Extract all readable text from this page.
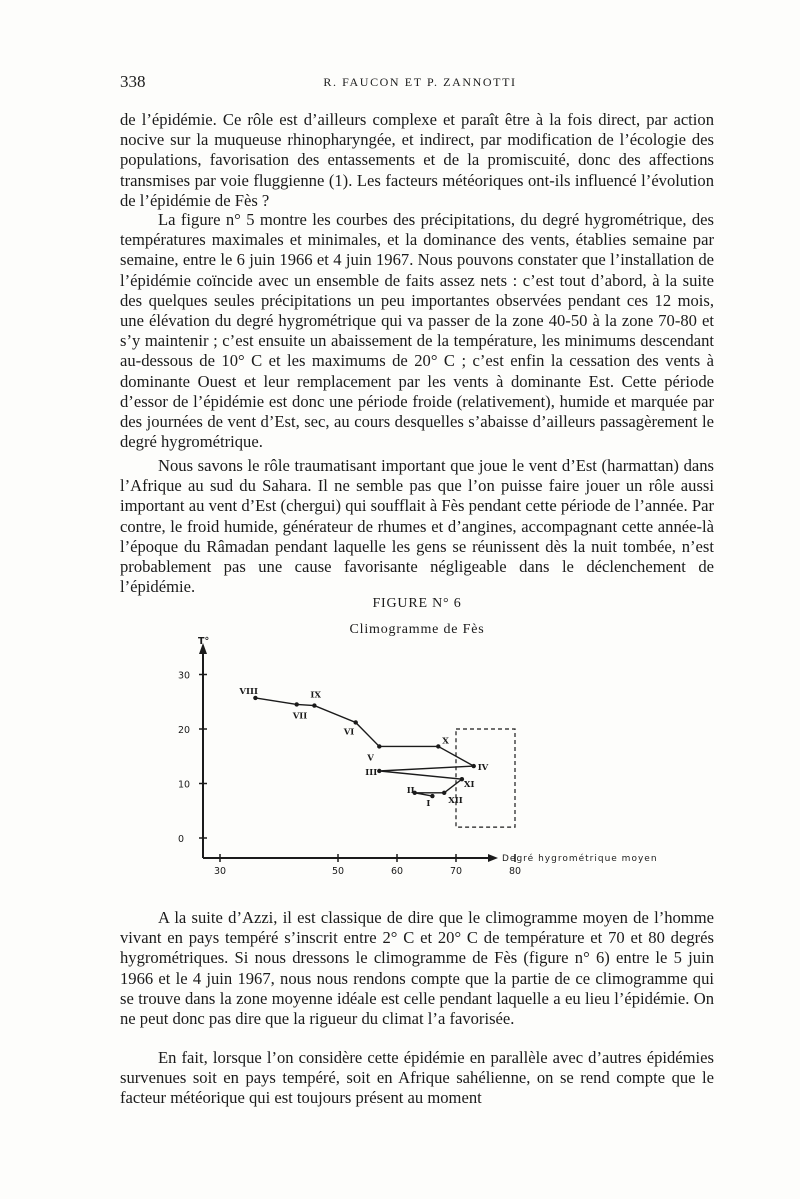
338	R. FAUCON ET P. ZANNOTTI

de l’épidémie. Ce rôle est d’ailleurs complexe et paraît être à la fois direct, par action nocive sur la muqueuse rhinopharyngée, et indirect, par modification de l’écologie des populations, favorisation des entassements et de la promiscuité, donc des affections transmises par voie fluggienne (1). Les facteurs météoriques ont-ils influencé l’évolution de l’épidémie de Fès ?

La figure n° 5 montre les courbes des précipitations, du degré hygrométrique, des températures maximales et minimales, et la dominance des vents, établies semaine par semaine, entre le 6 juin 1966 et 4 juin 1967. Nous pouvons constater que l’installation de l’épidémie coïncide avec un ensemble de faits assez nets : c’est tout d’abord, à la suite des quelques seules précipitations un peu importantes observées pendant ces 12 mois, une élévation du degré hygrométrique qui va passer de la zone 40-50 à la zone 70-80 et s’y maintenir ; c’est ensuite un abaissement de la température, les minimums descendant au-dessous de 10° C et les maximums de 20° C ; c’est enfin la cessation des vents à dominante Ouest et leur remplacement par les vents à dominante Est. Cette période d’essor de l’épidémie est donc une période froide (relativement), humide et marquée par des journées de vent d’Est, sec, au cours desquelles s’abaisse d’ailleurs passagèrement le degré hygrométrique.

Nous savons le rôle traumatisant important que joue le vent d’Est (harmattan) dans l’Afrique au sud du Sahara. Il ne semble pas que l’on puisse faire jouer un rôle aussi important au vent d’Est (chergui) qui soufflait à Fès pendant cette période de l’année. Par contre, le froid humide, générateur de rhumes et d’angines, accompagnant cette année-là l’époque du Râmadan pendant laquelle les gens se réunissent dès la nuit tombée, n’est probablement pas une cause favorisante négligeable dans le déclenchement de l’épidémie.

FIGURE N° 6
Climogramme de Fès
T°
Degré hygrométrique moyen
30
20
10
0
30	50	60	70	80
VIII
VII
IX
VI
V
X
IV
III
XI
XII
II
I

A la suite d’Azzi, il est classique de dire que le climogramme moyen de l’homme vivant en pays tempéré s’inscrit entre 2° C et 20° C de température et 70 et 80 degrés hygrométriques. Si nous dressons le climogramme de Fès (figure n° 6) entre le 5 juin 1966 et le 4 juin 1967, nous nous rendons compte que la partie de ce climogramme qui se trouve dans la zone moyenne idéale est celle pendant laquelle a eu lieu l’épidémie. On ne peut donc pas dire que la rigueur du climat l’a favorisée.

En fait, lorsque l’on considère cette épidémie en parallèle avec d’autres épidémies survenues soit en pays tempéré, soit en Afrique sahélienne, on se rend compte que le facteur météorique qui est toujours présent au moment
